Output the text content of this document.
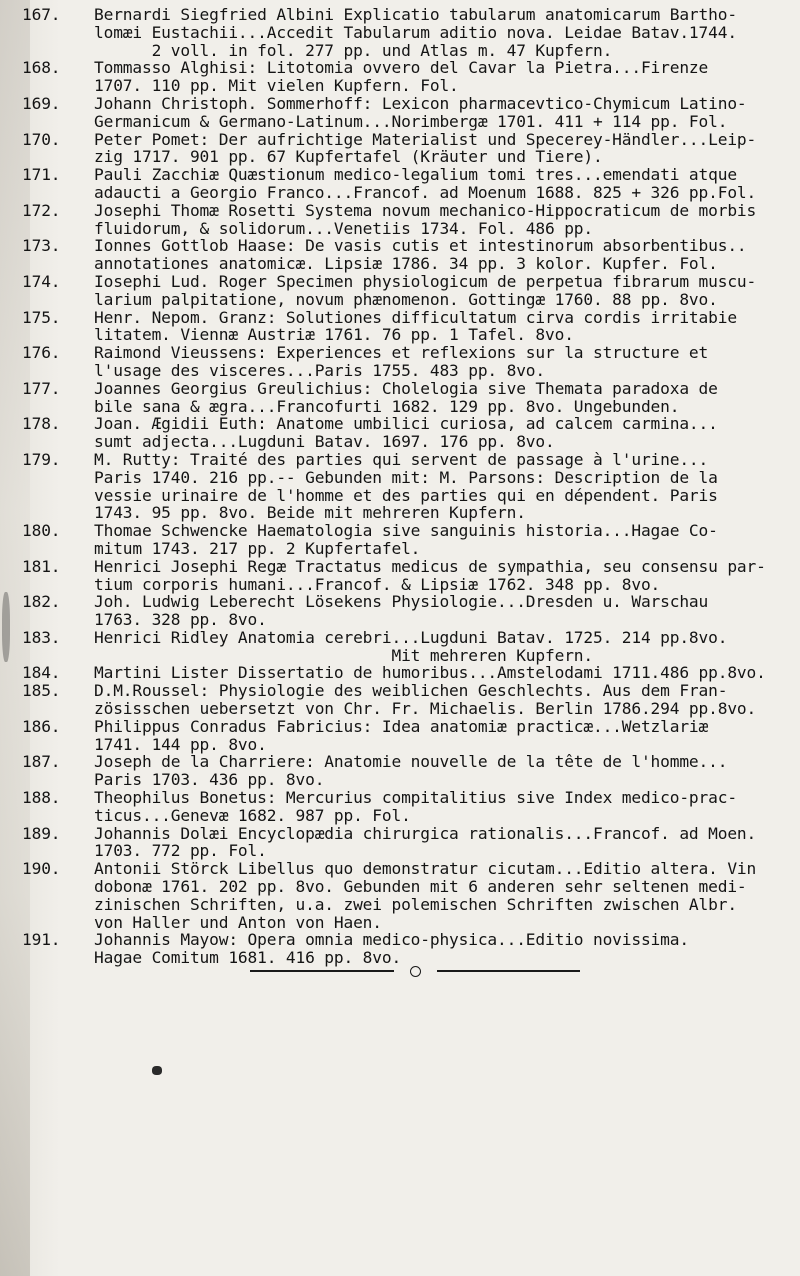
167.	Bernardi Siegfried Albini Explicatio tabularum anatomicarum Bartho-
lomæi Eustachii...Accedit Tabularum aditio nova. Leidae Batav.1744.
2 voll. in fol. 277 pp. und Atlas m. 47 Kupfern.
168.	Tommasso Alghisi: Litotomia ovvero del Cavar la Pietra...Firenze
1707. 110 pp. Mit vielen Kupfern. Fol.
169.	Johann Christoph. Sommerhoff: Lexicon pharmacevtico-Chymicum Latino-
Germanicum & Germano-Latinum...Norimbergæ 1701. 411 + 114 pp. Fol.
170.	Peter Pomet: Der aufrichtige Materialist und Specerey-Händler...Leip-
zig 1717. 901 pp. 67 Kupfertafel (Kräuter und Tiere).
171.	Pauli Zacchiæ Quæstionum medico-legalium tomi tres...emendati atque
adaucti a Georgio Franco...Francof. ad Moenum 1688. 825 + 326 pp.Fol.
172.	Josephi Thomæ Rosetti Systema novum mechanico-Hippocraticum de morbis
fluidorum, & solidorum...Venetiis 1734. Fol. 486 pp.
173.	Ionnes Gottlob Haase: De vasis cutis et intestinorum absorbentibus..
annotationes anatomicæ. Lipsiæ 1786. 34 pp. 3 kolor. Kupfer. Fol.
174.	Iosephi Lud. Roger Specimen physiologicum de perpetua fibrarum muscu-
larium palpitatione, novum phænomenon. Gottingæ 1760. 88 pp. 8vo.
175.	Henr. Nepom. Granz: Solutiones difficultatum cirva cordis irritabie
litatem. Viennæ Austriæ 1761. 76 pp. 1 Tafel. 8vo.
176.	Raimond Vieussens: Experiences et reflexions sur la structure et
l'usage des visceres...Paris 1755. 483 pp. 8vo.
177.	Joannes Georgius Greulichius: Cholelogia sive Themata paradoxa de
bile sana & ægra...Francofurti 1682. 129 pp. 8vo. Ungebunden.
178.	Joan. Ægidii Euth: Anatome umbilici curiosa, ad calcem carmina...
sumt adjecta...Lugduni Batav. 1697. 176 pp. 8vo.
179.	M. Rutty: Traité des parties qui servent de passage à l'urine...
Paris 1740. 216 pp.-- Gebunden mit: M. Parsons: Description de la
vessie urinaire de l'homme et des parties qui en dépendent. Paris
1743. 95 pp. 8vo. Beide mit mehreren Kupfern.
180.	Thomae Schwencke Haematologia sive sanguinis historia...Hagae Co-
mitum 1743. 217 pp. 2 Kupfertafel.
181.	Henrici Josephi Regæ Tractatus medicus de sympathia, seu consensu par-
tium corporis humani...Francof. & Lipsiæ 1762. 348 pp. 8vo.
182.	Joh. Ludwig Leberecht Lösekens Physiologie...Dresden u. Warschau
1763. 328 pp. 8vo.
183.	Henrici Ridley Anatomia cerebri...Lugduni Batav. 1725. 214 pp.8vo.
Mit mehreren Kupfern.
184.	Martini Lister Dissertatio de humoribus...Amstelodami 1711.486 pp.8vo.
185.	D.M.Roussel: Physiologie des weiblichen Geschlechts. Aus dem Fran-
zösisschen uebersetzt von Chr. Fr. Michaelis. Berlin 1786.294 pp.8vo.
186.	Philippus Conradus Fabricius: Idea anatomiæ practicæ...Wetzlariæ
1741. 144 pp. 8vo.
187.	Joseph de la Charriere: Anatomie nouvelle de la tête de l'homme...
Paris 1703. 436 pp. 8vo.
188.	Theophilus Bonetus: Mercurius compitalitius sive Index medico-prac-
ticus...Genevæ 1682. 987 pp. Fol.
189.	Johannis Dolæi Encyclopædia chirurgica rationalis...Francof. ad Moen.
1703. 772 pp. Fol.
190.	Antonii Störck Libellus quo demonstratur cicutam...Editio altera. Vin
dobonæ 1761. 202 pp. 8vo. Gebunden mit 6 anderen sehr seltenen medi-
zinischen Schriften, u.a. zwei polemischen Schriften zwischen Albr.
von Haller und Anton von Haen.
191.	Johannis Mayow: Opera omnia medico-physica...Editio novissima.
Hagae Comitum 1681. 416 pp. 8vo.
